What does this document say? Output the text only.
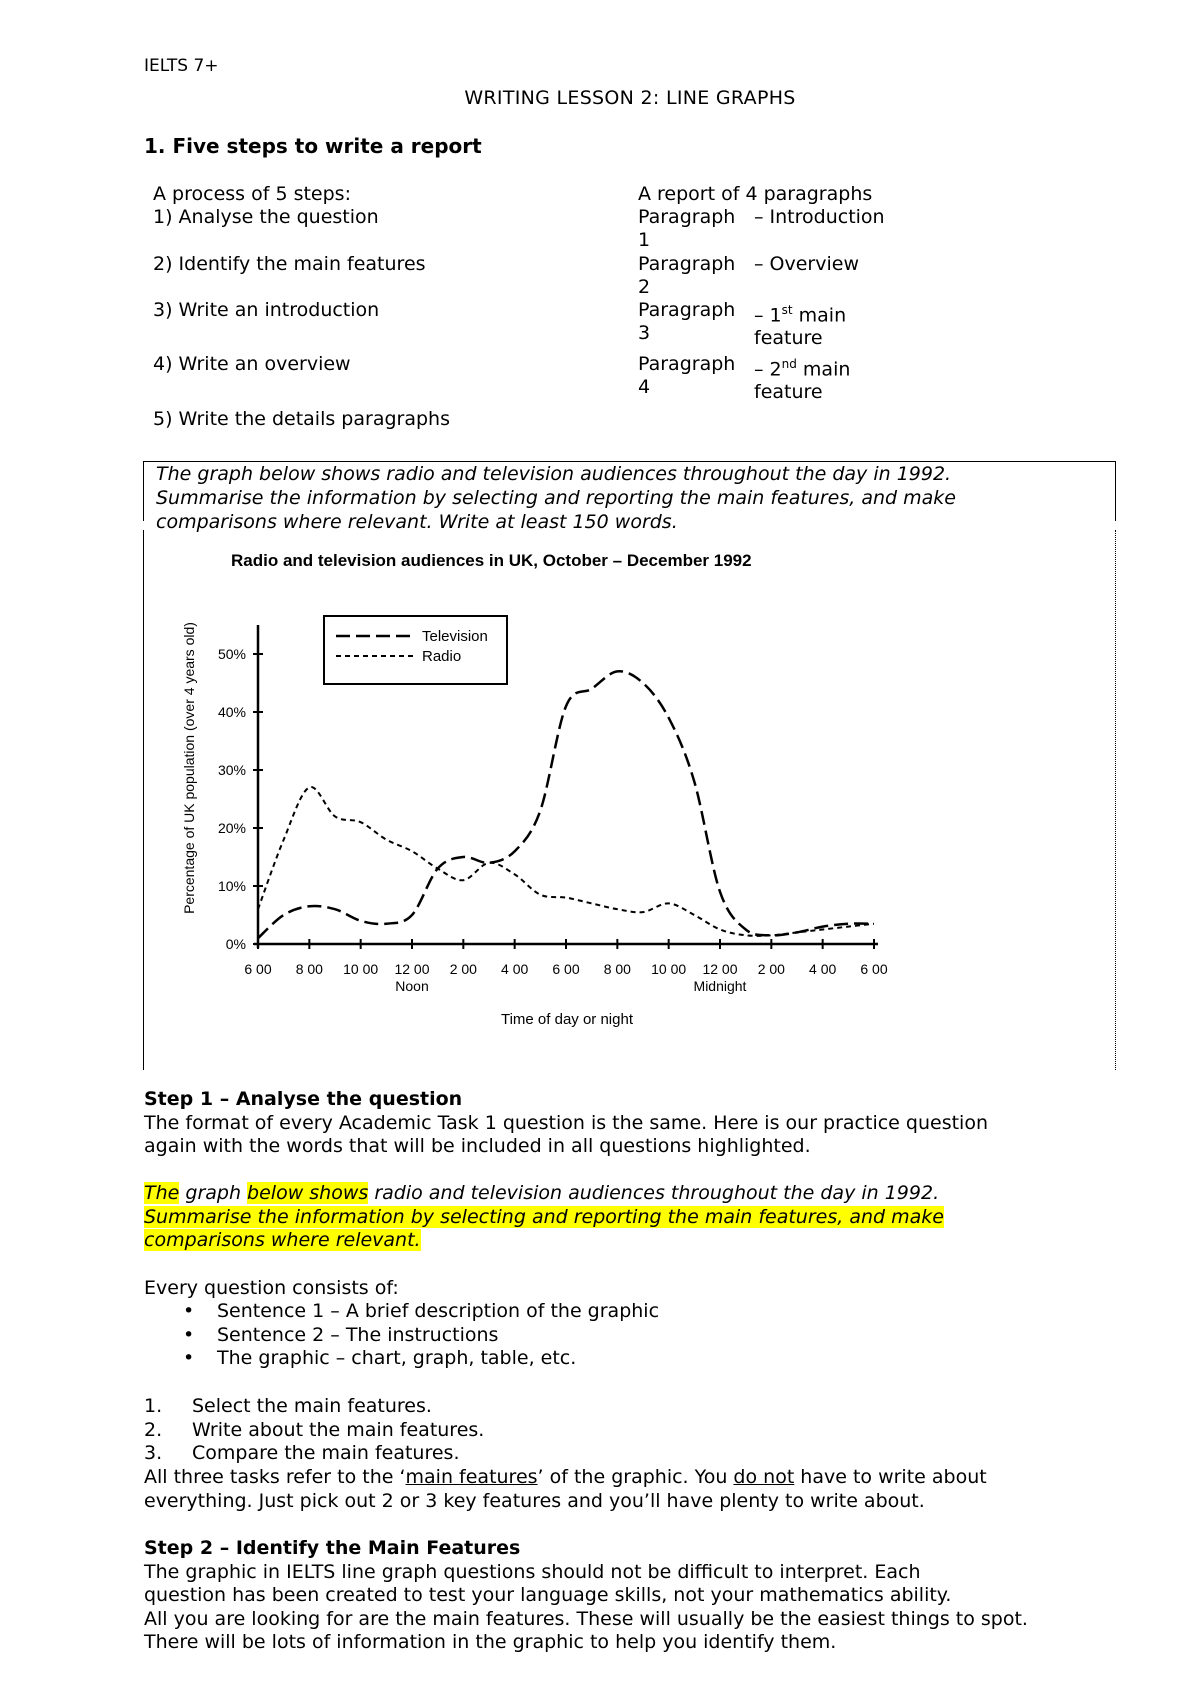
IELTS 7+
WRITING LESSON 2: LINE GRAPHS
1. Five steps to write a report
A process of 5 steps:
1) Analyse the question
2) Identify the main features
3) Write an introduction
4) Write an overview
5) Write the details paragraphs
A report of 4 paragraphs
Paragraph 1
– Introduction
Paragraph 2
– Overview
Paragraph 3
– 1st main feature
Paragraph 4
– 2nd main feature
The graph below shows radio and television audiences throughout the day in 1992.
Summarise the information by selecting and reporting the main features, and make
comparisons where relevant. Write at least 150 words.
Radio and television audiences in UK, October – December 1992
Percentage of UK population (over 4 years old)
Time of day or night
0%
10%
20%
30%
40%
50%
6 00 8 00 10 00 12 00
Noon
2 00 4 00 6 00 8 00 10 00 12 00
Midnight
2 00 4 00 6 00
Television
Radio
Step 1 – Analyse the question
The format of every Academic Task 1 question is the same. Here is our practice question
again with the words that will be included in all questions highlighted.
The graph below shows radio and television audiences throughout the day in 1992.
Summarise the information by selecting and reporting the main features, and make
comparisons where relevant.
Every question consists of:
• Sentence 1 – A brief description of the graphic
• Sentence 2 – The instructions
• The graphic – chart, graph, table, etc.
1. Select the main features.
2. Write about the main features.
3. Compare the main features.
All three tasks refer to the ‘main features’ of the graphic. You do not have to write about
everything. Just pick out 2 or 3 key features and you’ll have plenty to write about.
Step 2 – Identify the Main Features
The graphic in IELTS line graph questions should not be difficult to interpret. Each
question has been created to test your language skills, not your mathematics ability.
All you are looking for are the main features. These will usually be the easiest things to spot.
There will be lots of information in the graphic to help you identify them.
